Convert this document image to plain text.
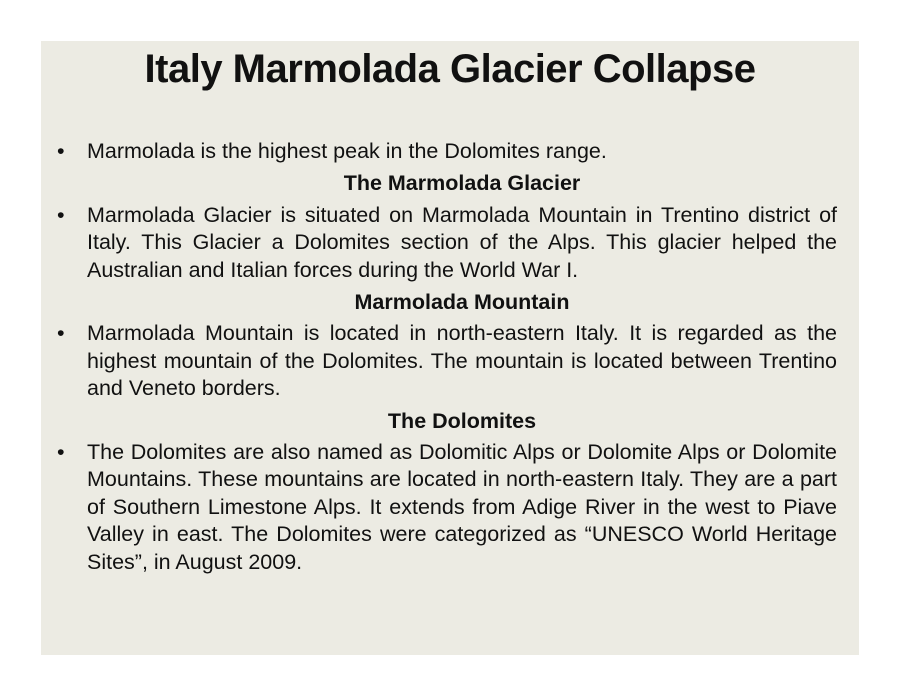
Italy Marmolada Glacier Collapse

• Marmolada is the highest peak in the Dolomites range.

The Marmolada Glacier

• Marmolada Glacier is situated on Marmolada Mountain in Trentino district of Italy. This Glacier a Dolomites section of the Alps. This glacier helped the Australian and Italian forces during the World War I.

Marmolada Mountain

• Marmolada Mountain is located in north-eastern Italy. It is regarded as the highest mountain of the Dolomites. The mountain is located between Trentino and Veneto borders.

The Dolomites

• The Dolomites are also named as Dolomitic Alps or Dolomite Alps or Dolomite Mountains. These mountains are located in north-eastern Italy. They are a part of Southern Limestone Alps. It extends from Adige River in the west to Piave Valley in east. The Dolomites were categorized as “UNESCO World Heritage Sites”, in August 2009.
